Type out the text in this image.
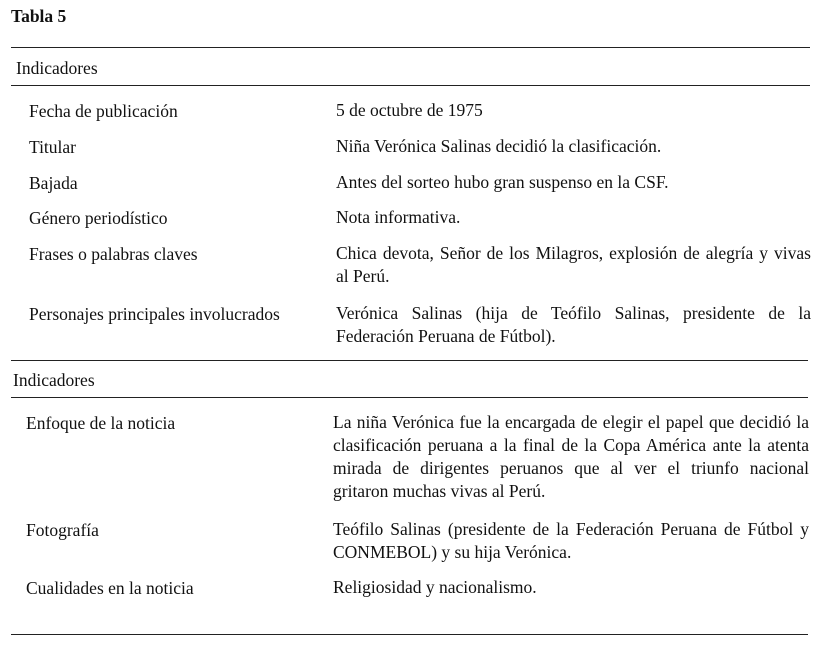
Tabla 5
Indicadores
Fecha de publicación	5 de octubre de 1975
Titular	Niña Verónica Salinas decidió la clasificación.
Bajada	Antes del sorteo hubo gran suspenso en la CSF.
Género periodístico	Nota informativa.
Frases o palabras claves	Chica devota, Señor de los Milagros, explosión de alegría y vivas al Perú.
Personajes principales involucrados	Verónica Salinas (hija de Teófilo Salinas, presidente de la Federación Peruana de Fútbol).
Indicadores
Enfoque de la noticia	La niña Verónica fue la encargada de elegir el papel que decidió la clasificación peruana a la final de la Copa América ante la atenta mirada de dirigentes peruanos que al ver el triunfo nacional gritaron muchas vivas al Perú.
Fotografía	Teófilo Salinas (presidente de la Federación Peruana de Fútbol y CONMEBOL) y su hija Verónica.
Cualidades en la noticia	Religiosidad y nacionalismo.
